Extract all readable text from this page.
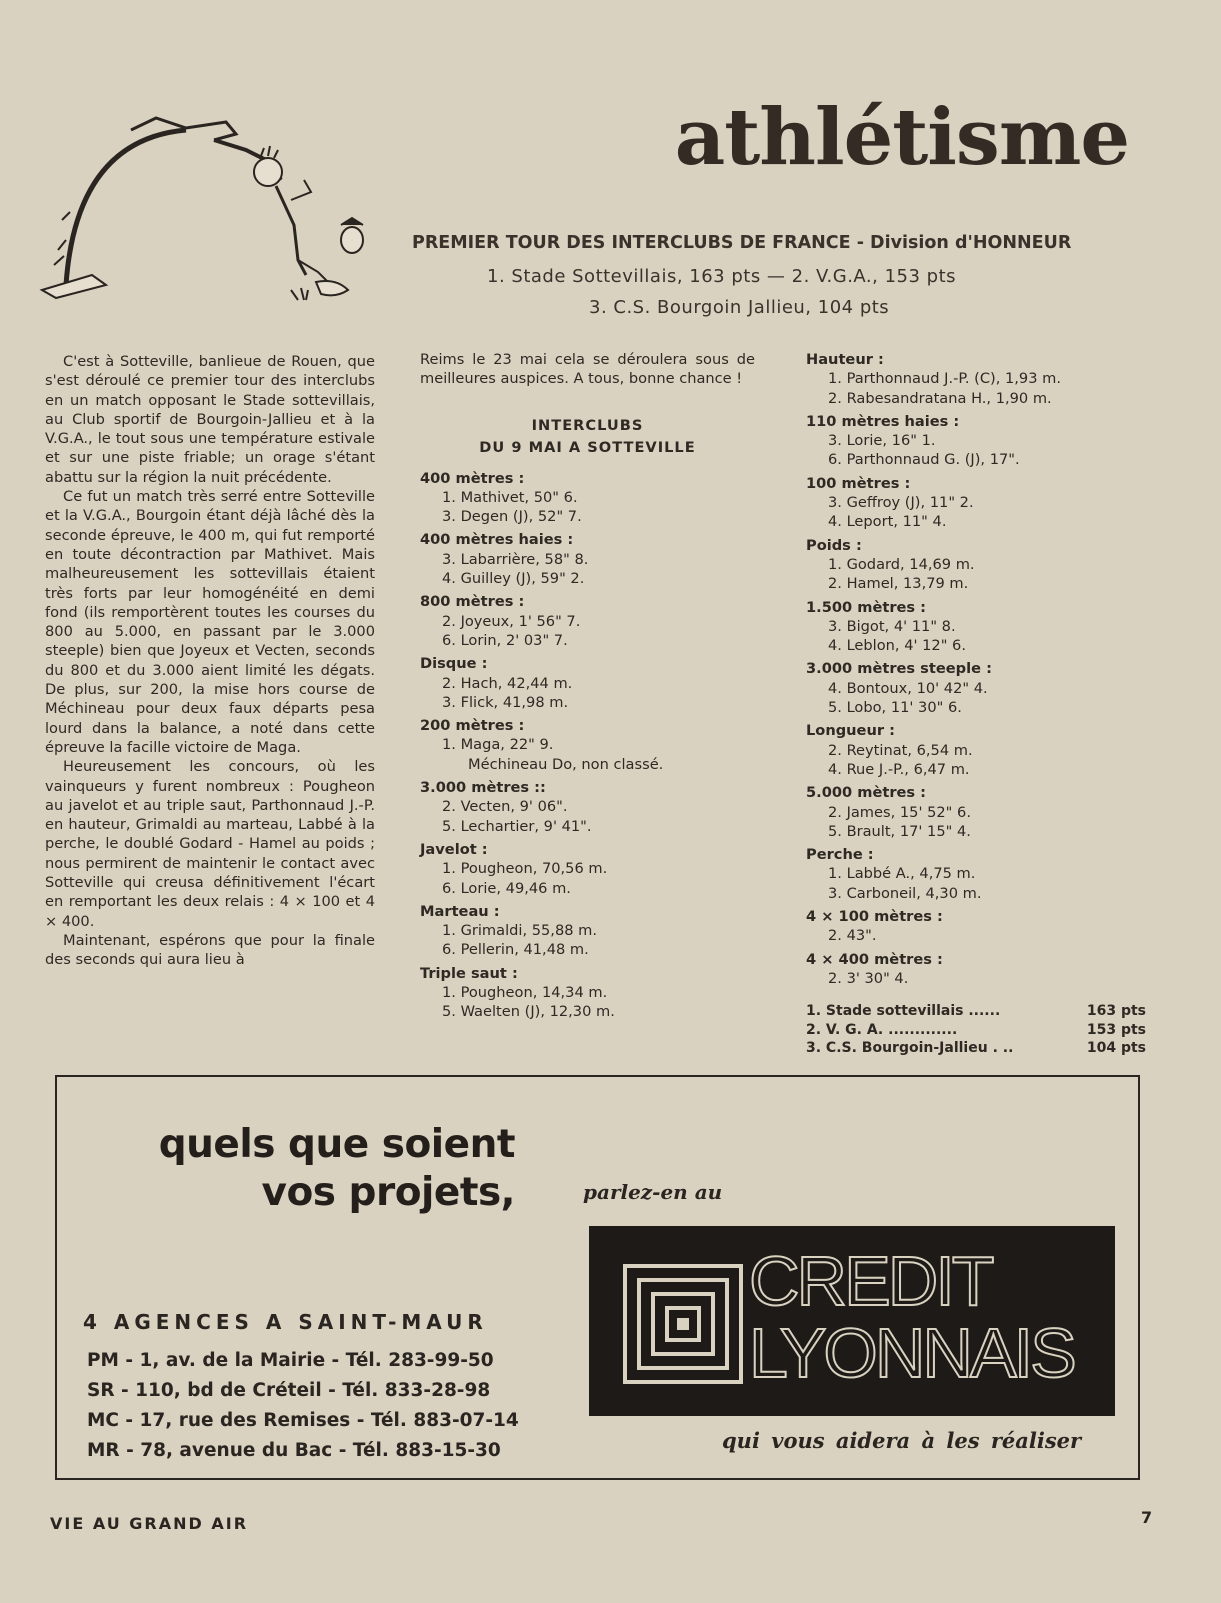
athlétisme
PREMIER TOUR DES INTERCLUBS DE FRANCE - Division d'HONNEUR
1. Stade Sottevillais, 163 pts — 2. V.G.A., 153 pts
3. C.S. Bourgoin Jallieu, 104 pts

C'est à Sotteville, banlieue de Rouen, que s'est déroulé ce premier tour des interclubs en un match opposant le Stade sottevillais, au Club sportif de Bourgoin-Jallieu et à la V.G.A., le tout sous une température estivale et sur une piste friable; un orage s'étant abattu sur la région la nuit précédente.

Ce fut un match très serré entre Sotteville et la V.G.A., Bourgoin étant déjà lâché dès la seconde épreuve, le 400 m, qui fut remporté en toute décontraction par Mathivet. Mais malheureusement les sottevillais étaient très forts par leur homogénéité en demi fond (ils remportèrent toutes les courses du 800 au 5.000, en passant par le 3.000 steeple) bien que Joyeux et Vecten, seconds du 800 et du 3.000 aient limité les dégats. De plus, sur 200, la mise hors course de Méchineau pour deux faux départs pesa lourd dans la balance, a noté dans cette épreuve la facille victoire de Maga.

Heureusement les concours, où les vainqueurs y furent nombreux : Pougheon au javelot et au triple saut, Parthonnaud J.-P. en hauteur, Grimaldi au marteau, Labbé à la perche, le doublé Godard - Hamel au poids ; nous permirent de maintenir le contact avec Sotteville qui creusa définitivement l'écart en remportant les deux relais : 4 × 100 et 4 × 400.

Maintenant, espérons que pour la finale des seconds qui aura lieu à

Reims le 23 mai cela se déroulera sous de meilleures auspices. A tous, bonne chance !

INTERCLUBS
DU 9 MAI A SOTTEVILLE
400 mètres :
1. Mathivet, 50" 6.
3. Degen (J), 52" 7.
400 mètres haies :
3. Labarrière, 58" 8.
4. Guilley (J), 59" 2.
800 mètres :
2. Joyeux, 1' 56" 7.
6. Lorin, 2' 03" 7.
Disque :
2. Hach, 42,44 m.
3. Flick, 41,98 m.
200 mètres :
1. Maga, 22" 9.
Méchineau Do, non classé.
3.000 mètres ::
2. Vecten, 9' 06".
5. Lechartier, 9' 41".
Javelot :
1. Pougheon, 70,56 m.
6. Lorie, 49,46 m.
Marteau :
1. Grimaldi, 55,88 m.
6. Pellerin, 41,48 m.
Triple saut :
1. Pougheon, 14,34 m.
5. Waelten (J), 12,30 m.
Hauteur :
1. Parthonnaud J.-P. (C), 1,93 m.
2. Rabesandratana H., 1,90 m.
110 mètres haies :
3. Lorie, 16" 1.
6. Parthonnaud G. (J), 17".
100 mètres :
3. Geffroy (J), 11" 2.
4. Leport, 11" 4.
Poids :
1. Godard, 14,69 m.
2. Hamel, 13,79 m.
1.500 mètres :
3. Bigot, 4' 11" 8.
4. Leblon, 4' 12" 6.
3.000 mètres steeple :
4. Bontoux, 10' 42" 4.
5. Lobo, 11' 30" 6.
Longueur :
2. Reytinat, 6,54 m.
4. Rue J.-P., 6,47 m.
5.000 mètres :
2. James, 15' 52" 6.
5. Brault, 17' 15" 4.
Perche :
1. Labbé A., 4,75 m.
3. Carboneil, 4,30 m.
4 × 100 mètres :
2. 43".
4 × 400 mètres :
2. 3' 30" 4.
1. Stade sottevillais ......	163 pts
2. V. G. A. .............	153 pts
3. C.S. Bourgoin-Jallieu . ..	104 pts
quels que soient
vos projets,	parlez-en au
4 AGENCES A SAINT-MAUR
PM - 1, av. de la Mairie - Tél. 283-99-50
SR - 110, bd de Créteil - Tél. 833-28-98
MC - 17, rue des Remises - Tél. 883-07-14
MR - 78, avenue du Bac - Tél. 883-15-30
CREDIT
LYONNAIS
qui vous aidera à les réaliser
VIE AU GRAND AIR	7
